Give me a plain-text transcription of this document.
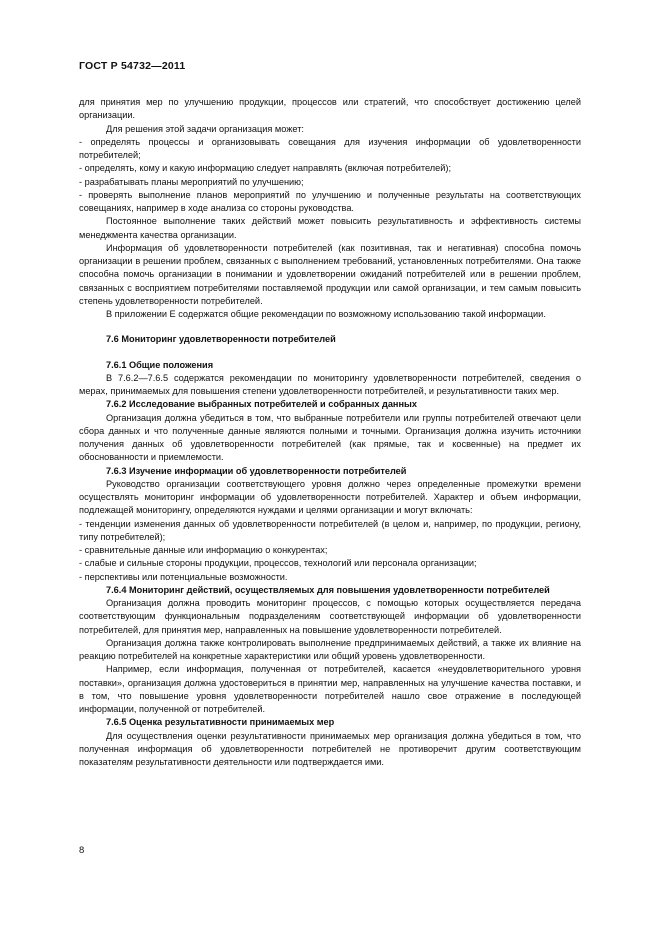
ГОСТ Р 54732—2011

для принятия мер по улучшению продукции, процессов или стратегий, что способствует достижению целей организации.

Для решения этой задачи организация может:

- определять процессы и организовывать совещания для изучения информации об удовлетворенности потребителей;

- определять, кому и какую информацию следует направлять (включая потребителей);

- разрабатывать планы мероприятий по улучшению;

- проверять выполнение планов мероприятий по улучшению и полученные результаты на соответствующих совещаниях, например в ходе анализа со стороны руководства.

Постоянное выполнение таких действий может повысить результативность и эффективность системы менеджмента качества организации.

Информация об удовлетворенности потребителей (как позитивная, так и негативная) способна помочь организации в решении проблем, связанных с выполнением требований, установленных потребителями. Она также способна помочь организации в понимании и удовлетворении ожиданий потребителей или в решении проблем, связанных с восприятием потребителями поставляемой продукции или самой организации, и тем самым повысить степень удовлетворенности потребителей.

В приложении Е содержатся общие рекомендации по возможному использованию такой информации.

7.6 Мониторинг удовлетворенности потребителей

7.6.1 Общие положения

В 7.6.2—7.6.5 содержатся рекомендации по мониторингу удовлетворенности потребителей, сведения о мерах, принимаемых для повышения степени удовлетворенности потребителей, и результативности таких мер.

7.6.2 Исследование выбранных потребителей и собранных данных

Организация должна убедиться в том, что выбранные потребители или группы потребителей отвечают цели сбора данных и что полученные данные являются полными и точными. Организация должна изучить источники получения данных об удовлетворенности потребителей (как прямые, так и косвенные) на предмет их обоснованности и приемлемости.

7.6.3 Изучение информации об удовлетворенности потребителей

Руководство организации соответствующего уровня должно через определенные промежутки времени осуществлять мониторинг информации об удовлетворенности потребителей. Характер и объем информации, подлежащей мониторингу, определяются нуждами и целями организации и могут включать:

- тенденции изменения данных об удовлетворенности потребителей (в целом и, например, по продукции, региону, типу потребителей);

- сравнительные данные или информацию о конкурентах;

- слабые и сильные стороны продукции, процессов, технологий или персонала организации;

- перспективы или потенциальные возможности.

7.6.4 Мониторинг действий, осуществляемых для повышения удовлетворенности потребителей

Организация должна проводить мониторинг процессов, с помощью которых осуществляется передача соответствующим функциональным подразделениям соответствующей информации об удовлетворенности потребителей, для принятия мер, направленных на повышение удовлетворенности потребителей.

Организация должна также контролировать выполнение предпринимаемых действий, а также их влияние на реакцию потребителей на конкретные характеристики или общий уровень удовлетворенности.

Например, если информация, полученная от потребителей, касается «неудовлетворительного уровня поставки», организация должна удостовериться в принятии мер, направленных на улучшение качества поставки, и в том, что повышение уровня удовлетворенности потребителей нашло свое отражение в последующей информации, полученной от потребителей.

7.6.5 Оценка результативности принимаемых мер

Для осуществления оценки результативности принимаемых мер организация должна убедиться в том, что полученная информация об удовлетворенности потребителей не противоречит другим соответствующим показателям результативности деятельности или подтверждается ими.

8
